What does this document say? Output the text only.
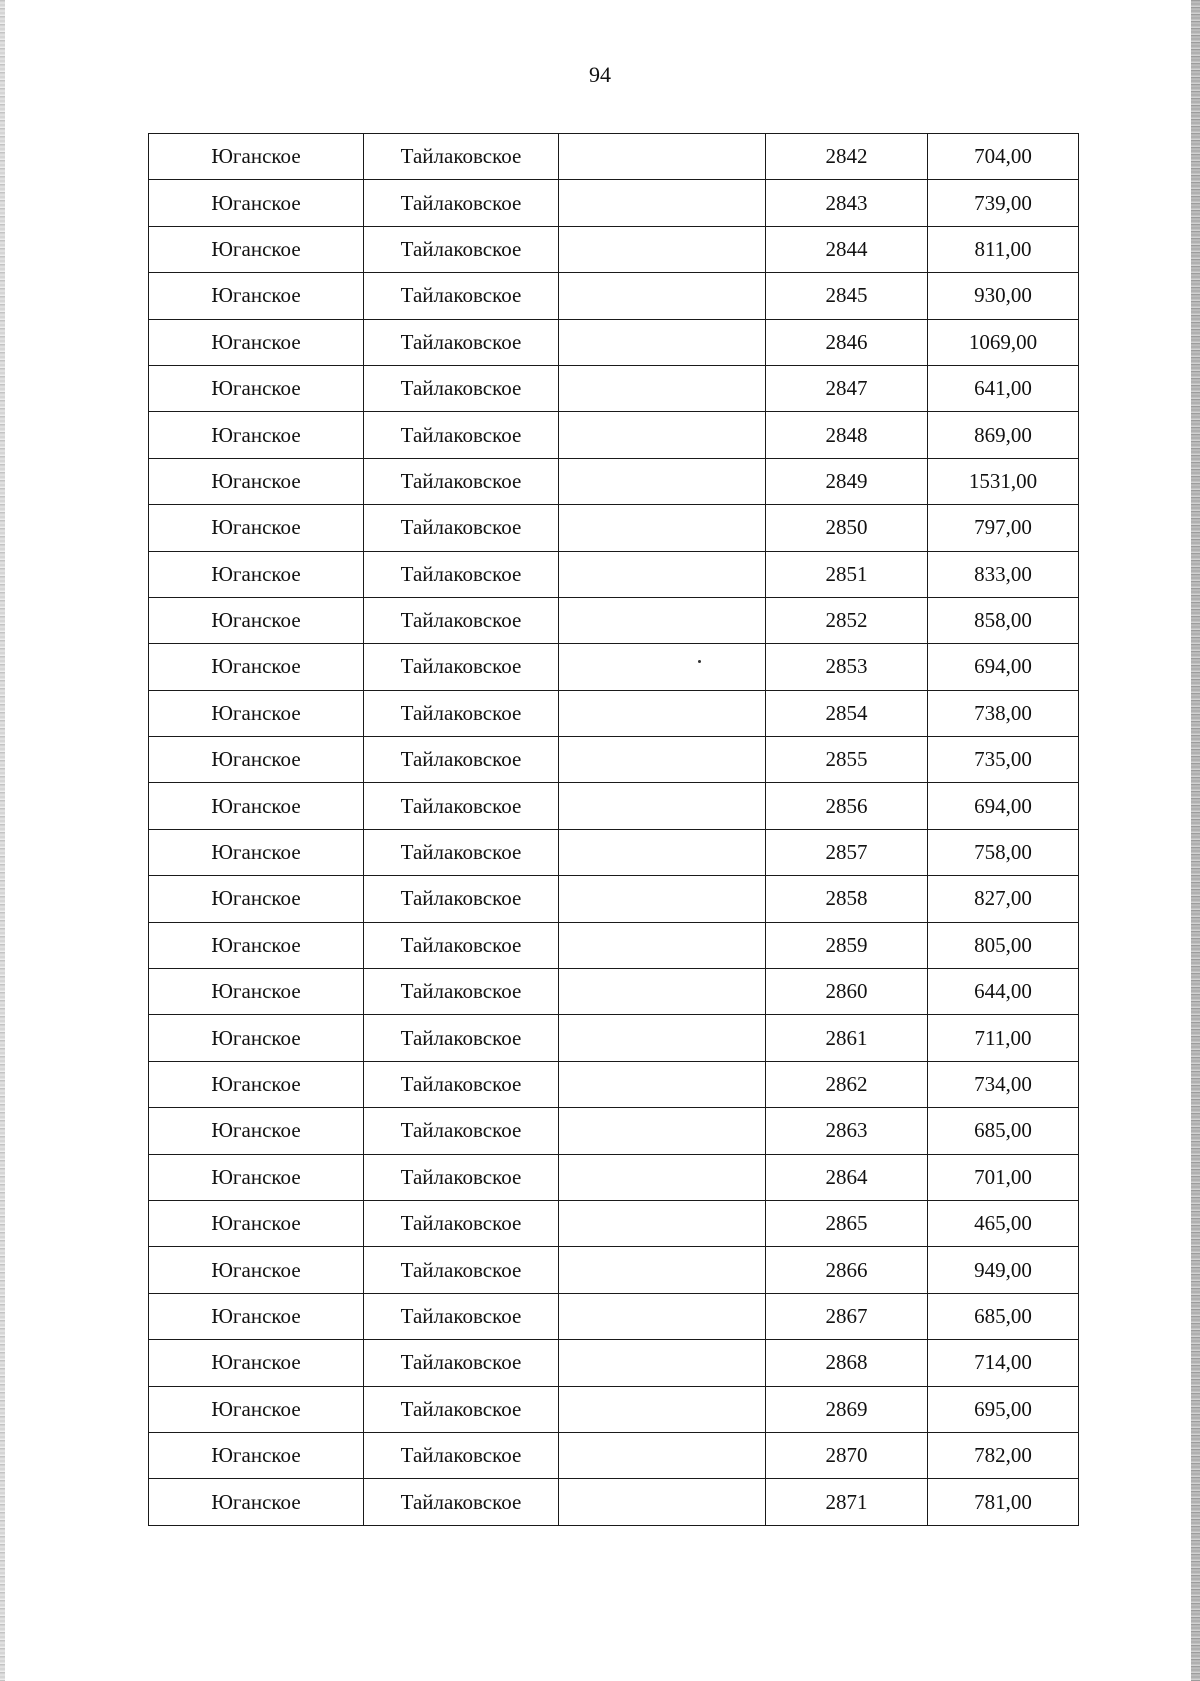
94
Юганское	Тайлаковское		2842	704,00
Юганское	Тайлаковское		2843	739,00
Юганское	Тайлаковское		2844	811,00
Юганское	Тайлаковское		2845	930,00
Юганское	Тайлаковское		2846	1069,00
Юганское	Тайлаковское		2847	641,00
Юганское	Тайлаковское		2848	869,00
Юганское	Тайлаковское		2849	1531,00
Юганское	Тайлаковское		2850	797,00
Юганское	Тайлаковское		2851	833,00
Юганское	Тайлаковское		2852	858,00
Юганское	Тайлаковское		2853	694,00
Юганское	Тайлаковское		2854	738,00
Юганское	Тайлаковское		2855	735,00
Юганское	Тайлаковское		2856	694,00
Юганское	Тайлаковское		2857	758,00
Юганское	Тайлаковское		2858	827,00
Юганское	Тайлаковское		2859	805,00
Юганское	Тайлаковское		2860	644,00
Юганское	Тайлаковское		2861	711,00
Юганское	Тайлаковское		2862	734,00
Юганское	Тайлаковское		2863	685,00
Юганское	Тайлаковское		2864	701,00
Юганское	Тайлаковское		2865	465,00
Юганское	Тайлаковское		2866	949,00
Юганское	Тайлаковское		2867	685,00
Юганское	Тайлаковское		2868	714,00
Юганское	Тайлаковское		2869	695,00
Юганское	Тайлаковское		2870	782,00
Юганское	Тайлаковское		2871	781,00
